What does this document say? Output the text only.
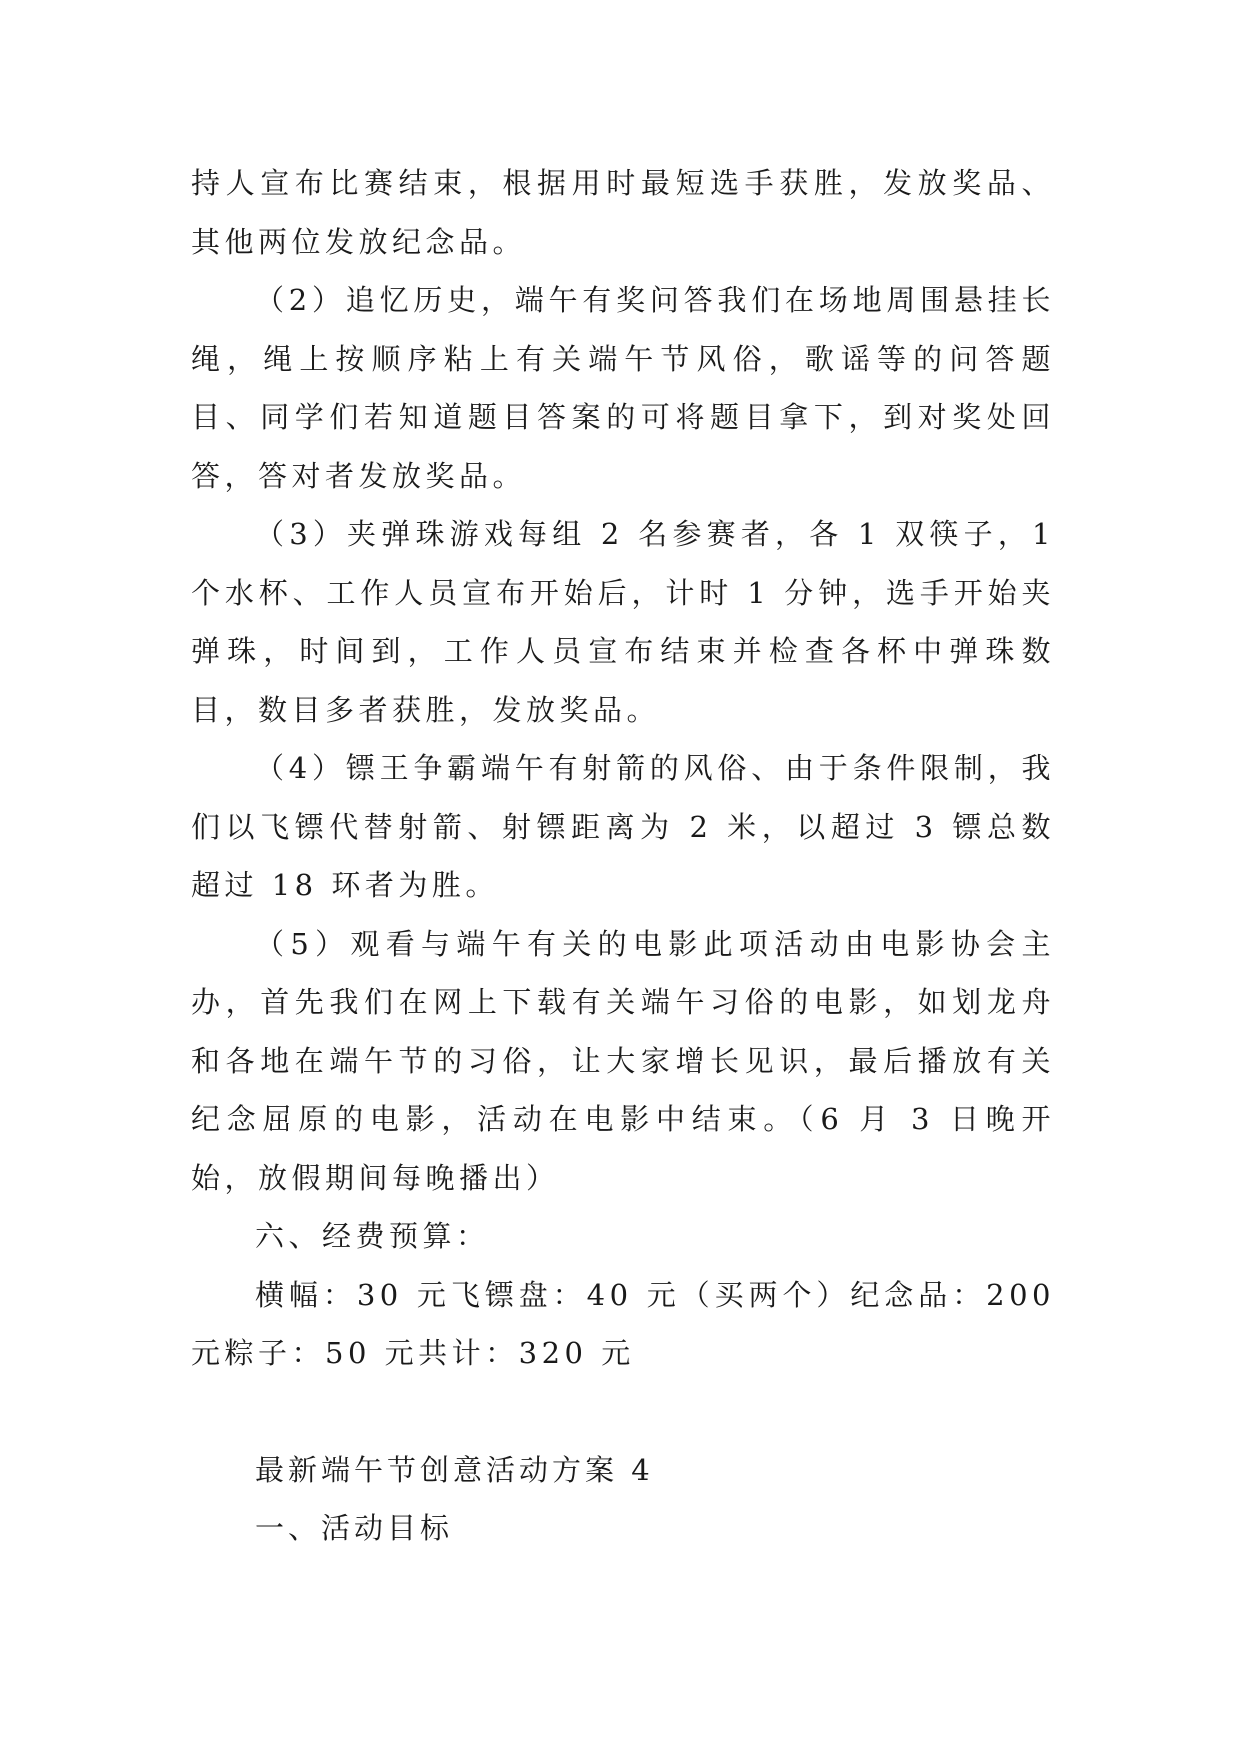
持人宣布比赛结束，根据用时最短选手获胜，发放奖品、其他两位发放纪念品。

（2）追忆历史，端午有奖问答我们在场地周围悬挂长绳，绳上按顺序粘上有关端午节风俗，歌谣等的问答题目、同学们若知道题目答案的可将题目拿下，到对奖处回答，答对者发放奖品。

（3）夹弹珠游戏每组 2 名参赛者，各 1 双筷子，1 个水杯、工作人员宣布开始后，计时 1 分钟，选手开始夹弹珠，时间到，工作人员宣布结束并检查各杯中弹珠数目，数目多者获胜，发放奖品。

（4）镖王争霸端午有射箭的风俗、由于条件限制，我们以飞镖代替射箭、射镖距离为 2 米，以超过 3 镖总数超过 18 环者为胜。

（5）观看与端午有关的电影此项活动由电影协会主办，首先我们在网上下载有关端午习俗的电影，如划龙舟和各地在端午节的习俗，让大家增长见识，最后播放有关纪念屈原的电影，活动在电影中结束。（6 月 3 日晚开始，放假期间每晚播出）

六、经费预算：

横幅：30 元飞镖盘：40 元（买两个）纪念品：200 元粽子：50 元共计：320 元

最新端午节创意活动方案 4

一、活动目标
